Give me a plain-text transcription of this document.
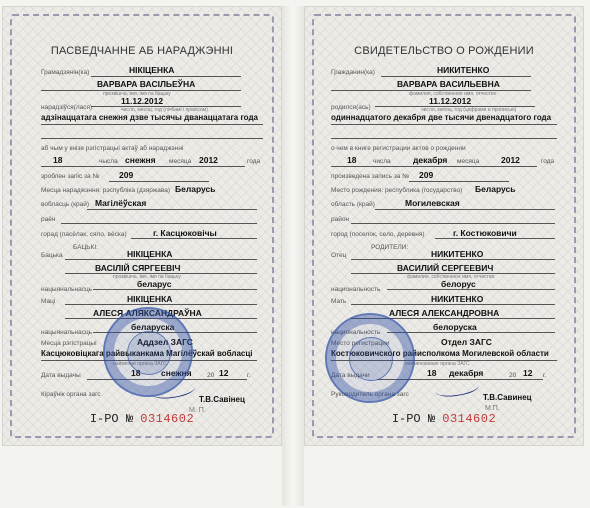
ПАСВЕДЧАННЕ АБ НАРАДЖЭННІ
Грамадзянін(ка)	НІКІЦЕНКА
ВАРВАРА ВАСІЛЬЕЎНА
прозвішча, імя, імя па бацьку
11.12.2012
нарадзіўся(лася)	число, месяц, год (лічбамі і прапісам)
адзінаццатага снежня дзве тысячы дванаццатага года
аб чым у кнізе рэгістрацыі актаў аб нараджэнні
18	чысла снежня месяца 2012	года
зроблен запіс за № 209
Месца нараджэння: рэспубліка (дзяржава) Беларусь
вобласць (край) Магілёўская
раён
горад (пасёлак, сяло, вёска)	г. Касцюковічы
БАЦЬКІ:
Бацька	НІКІЦЕНКА
ВАСІЛІЙ СЯРГЕЕВІЧ
прозвішча, імя, імя па бацьку
беларус
нацыянальнасць
Маці	НІКІЦЕНКА
АЛЕСЯ АЛЯКСАНДРАЎНА
беларуска
нацыянальнасць
Месца рэгістрацыі	Аддзел ЗАГС
Касцюковіцкага райвыканкама Магілёўскай вобласці
найменне органа ЗАГС
Дата выдачы	18 снежня 20 12	г.
Кіраўнік органа загс
Т.В.Савінец
М. П.
I-PO № 0314602
СВИДЕТЕЛЬСТВО О РОЖДЕНИИ
Гражданин(ка)	НИКИТЕНКО
ВАРВАРА ВАСИЛЬЕВНА
фамилия, собственное имя, отчество
11.12.2012
родился(ась)	число, месяц, год (цифрами и прописью)
одиннадцатого декабря две тысячи двенадцатого года
о чем в книге регистрации актов о рождении
18	числа	декабря месяца	2012	года
произведена запись за № 209
Место рождения: республика (государство) Беларусь
область (край)	Могилевская
район
город (поселок, село, деревня)	г. Костюковичи
РОДИТЕЛИ:
Отец	НИКИТЕНКО
ВАСИЛИЙ СЕРГЕЕВИЧ
фамилия, собственное имя, отчество
белорус
национальность
Мать	НИКИТЕНКО
АЛЕСЯ АЛЕКСАНДРОВНА
белоруска
национальность
Место регистрации	Отдел ЗАГС
Костюковичского райисполкома Могилевской области
наименование органа ЗАГС
Дата выдачи	18 декабря	20 12 г.
Руководитель органа загс	Т.В.Савинец
М.П.
I-PO № 0314602
